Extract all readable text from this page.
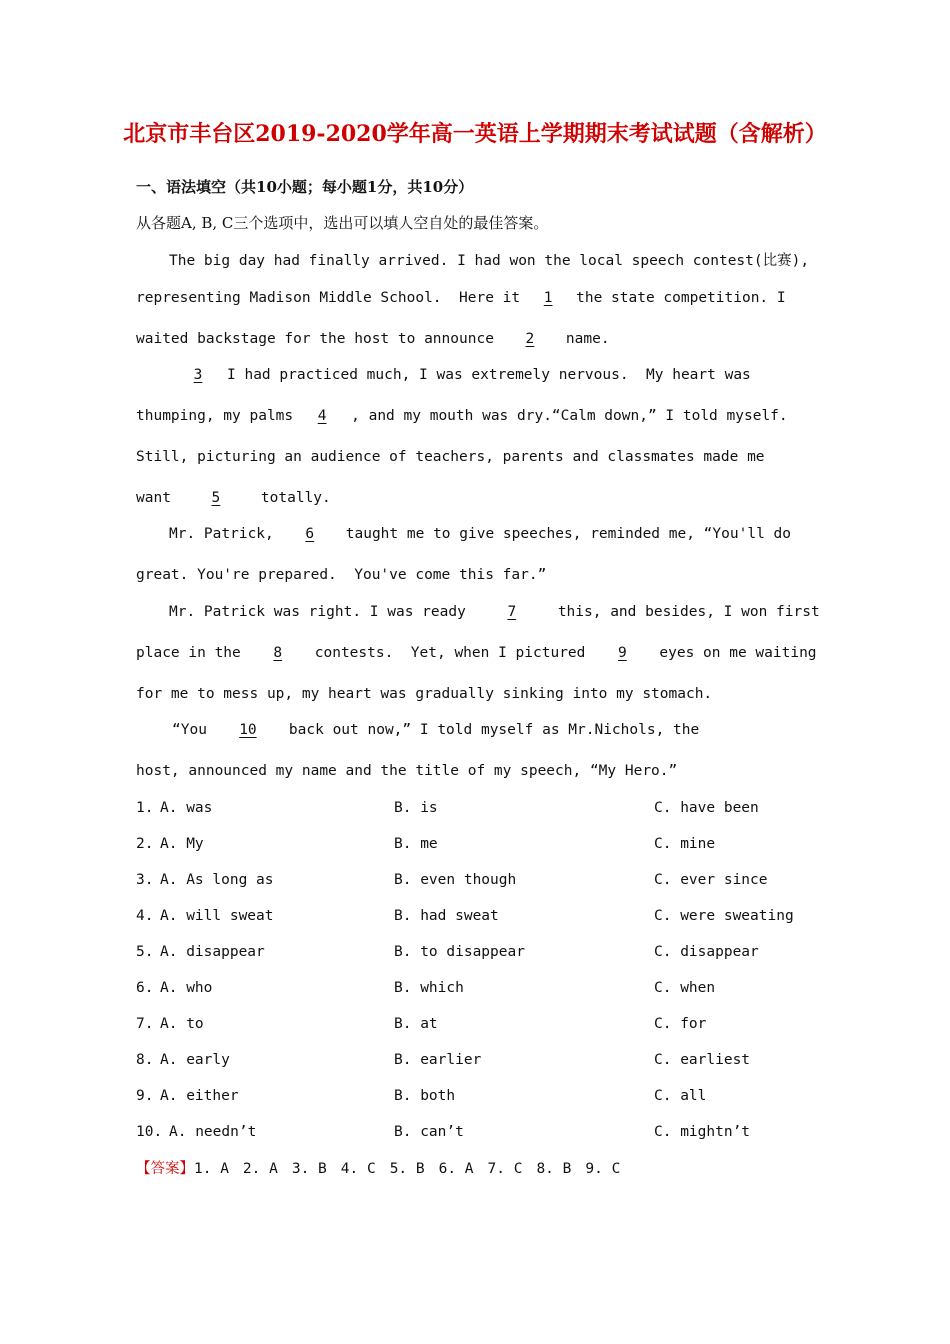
北京市丰台区2019-2020学年高一英语上学期期末考试试题（含解析）
一、语法填空（共10小题；每小题1分，共10分）
从各题A, B, C三个选项中，选出可以填人空自处的最佳答案。
The big day had finally arrived. I had won the local speech contest(比赛),
representing Madison Middle School.  Here it 1 the state competition. I
waited backstage for the host to announce 2 name.
3 I had practiced much, I was extremely nervous.  My heart was
thumping, my palms 4 , and my mouth was dry.“Calm down,” I told myself.
Still, picturing an audience of teachers, parents and classmates made me
want	5	totally.
Mr. Patrick, 6 taught me to give speeches, reminded me, “You'll do
great. You're prepared.  You've come this far.”
Mr. Patrick was right. I was ready	7	this, and besides, I won first
place in the 8 contests.  Yet, when I pictured 9 eyes on me waiting
for me to mess up, my heart was gradually sinking into my stomach.
“You 10 back out now,” I told myself as Mr.Nichols, the
host, announced my name and the title of my speech, “My Hero.”
1. A. was	B. is	C. have been
2. A. My	B. me	C. mine
3. A. As long as	B. even though	C. ever since
4. A. will sweat	B. had sweat	C. were sweating
5. A. disappear	B. to disappear	C. disappear
6. A. who	B. which	C. when
7. A. to	B. at	C. for
8. A. early	B. earlier	C. earliest
9. A. either	B. both	C. all
10. A. needn’t	B. can’t	C. mightn’t
【答案】1. A 2. A 3. B 4. C 5. B 6. A 7. C 8. B 9. C
